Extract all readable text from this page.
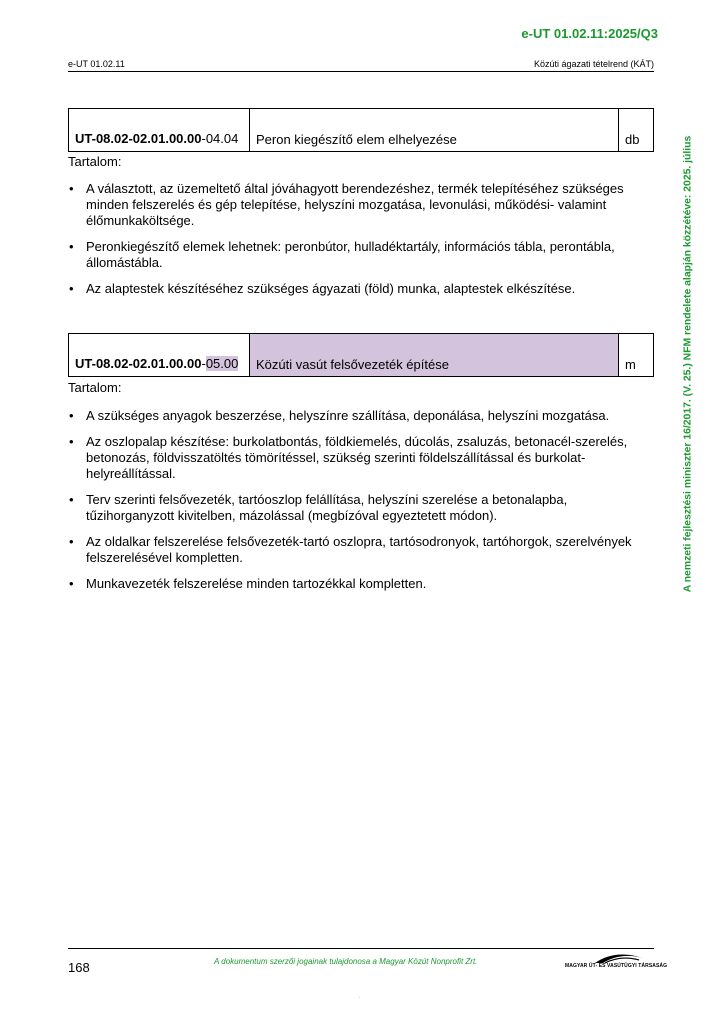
e-UT 01.02.11:2025/Q3
e-UT 01.02.11	Közúti ágazati tételrend (KÁT)
A nemzeti fejlesztési miniszter 16/2017. (V. 25.) NFM rendelete alapján közzétéve: 2025. július
UT-08.02-02.01.00.00-04.04	Peron kiegészítő elem elhelyezése	db
Tartalom:
• A választott, az üzemeltető által jóváhagyott berendezéshez, termék telepítéséhez szükséges minden felszerelés és gép telepítése, helyszíni mozgatása, levonulási, működési- valamint élőmunkaköltsége.
• Peronkiegészítő elemek lehetnek: peronbútor, hulladéktartály, információs tábla, perontábla, állomástábla.
• Az alaptestek készítéséhez szükséges ágyazati (föld) munka, alaptestek elkészítése.
UT-08.02-02.01.00.00-05.00	Közúti vasút felsővezeték építése	m
Tartalom:
• A szükséges anyagok beszerzése, helyszínre szállítása, deponálása, helyszíni mozgatása.
• Az oszlopalap készítése: burkolatbontás, földkiemelés, dúcolás, zsaluzás, betonacél-szerelés, betonozás, földvisszatöltés tömörítéssel, szükség szerinti földelszállítással és burkolat-helyreállítással.
• Terv szerinti felsővezeték, tartóoszlop felállítása, helyszíni szerelése a betonalapba, tűzihorganyzott kivitelben, mázolással (megbízóval egyeztetett módon).
• Az oldalkar felszerelése felsővezeték-tartó oszlopra, tartósodronyok, tartóhorgok, szerelvények felszerelésével kompletten.
• Munkavezeték felszerelése minden tartozékkal kompletten.
168	A dokumentum szerzői jogainak tulajdonosa a Magyar Közút Nonprofit Zrt.	MAGYAR ÚT- ÉS VASÚTÜGYI TÁRSASÁG
.
